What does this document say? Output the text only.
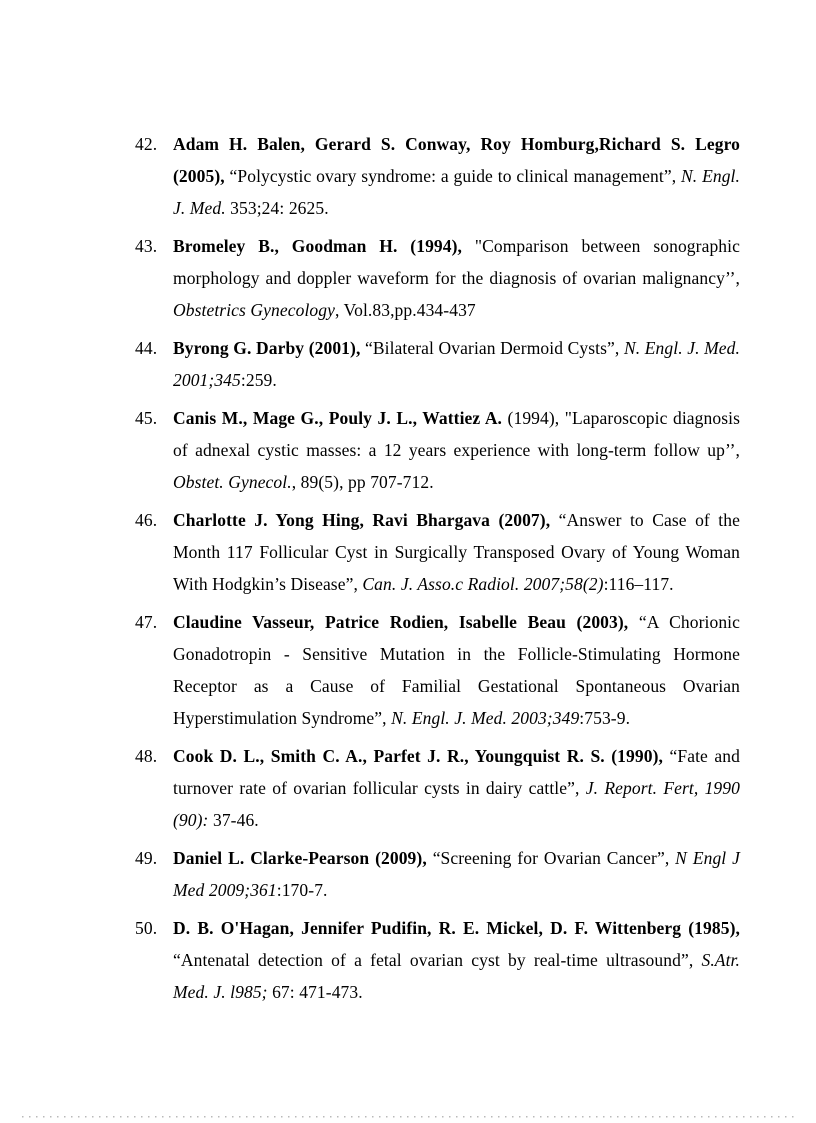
42. Adam H. Balen, Gerard S. Conway, Roy Homburg,Richard S. Legro (2005), “Polycystic ovary syndrome: a guide to clinical management”, N. Engl. J. Med. 353;24: 2625.
43. Bromeley B., Goodman H. (1994), "Comparison between sonographic morphology and doppler waveform for the diagnosis of ovarian malignancy’’, Obstetrics Gynecology, Vol.83,pp.434-437
44. Byrong G. Darby (2001), “Bilateral Ovarian Dermoid Cysts”, N. Engl. J. Med. 2001;345:259.
45. Canis M., Mage G., Pouly J. L., Wattiez A. (1994), "Laparoscopic diagnosis of adnexal cystic masses: a 12 years experience with long-term follow up’’, Obstet. Gynecol., 89(5), pp 707-712.
46. Charlotte J. Yong Hing, Ravi Bhargava (2007), “Answer to Case of the Month 117 Follicular Cyst in Surgically Transposed Ovary of Young Woman With Hodgkin’s Disease”, Can. J. Asso.c Radiol. 2007;58(2):116–117.
47. Claudine Vasseur, Patrice Rodien, Isabelle Beau (2003), “A Chorionic Gonadotropin - Sensitive Mutation in the Follicle-Stimulating Hormone Receptor as a Cause of Familial Gestational Spontaneous Ovarian Hyperstimulation Syndrome”, N. Engl. J. Med. 2003;349:753-9.
48. Cook D. L., Smith C. A., Parfet J. R., Youngquist R. S. (1990), “Fate and turnover rate of ovarian follicular cysts in dairy cattle”, J. Report. Fert, 1990 (90): 37-46.
49. Daniel L. Clarke-Pearson (2009), “Screening for Ovarian Cancer”, N Engl J Med 2009;361:170-7.
50. D. B. O'Hagan, Jennifer Pudifin, R. E. Mickel, D. F. Wittenberg (1985), “Antenatal detection of a fetal ovarian cyst by real-time ultrasound”, S.Atr. Med. J. l985; 67: 471-473.
